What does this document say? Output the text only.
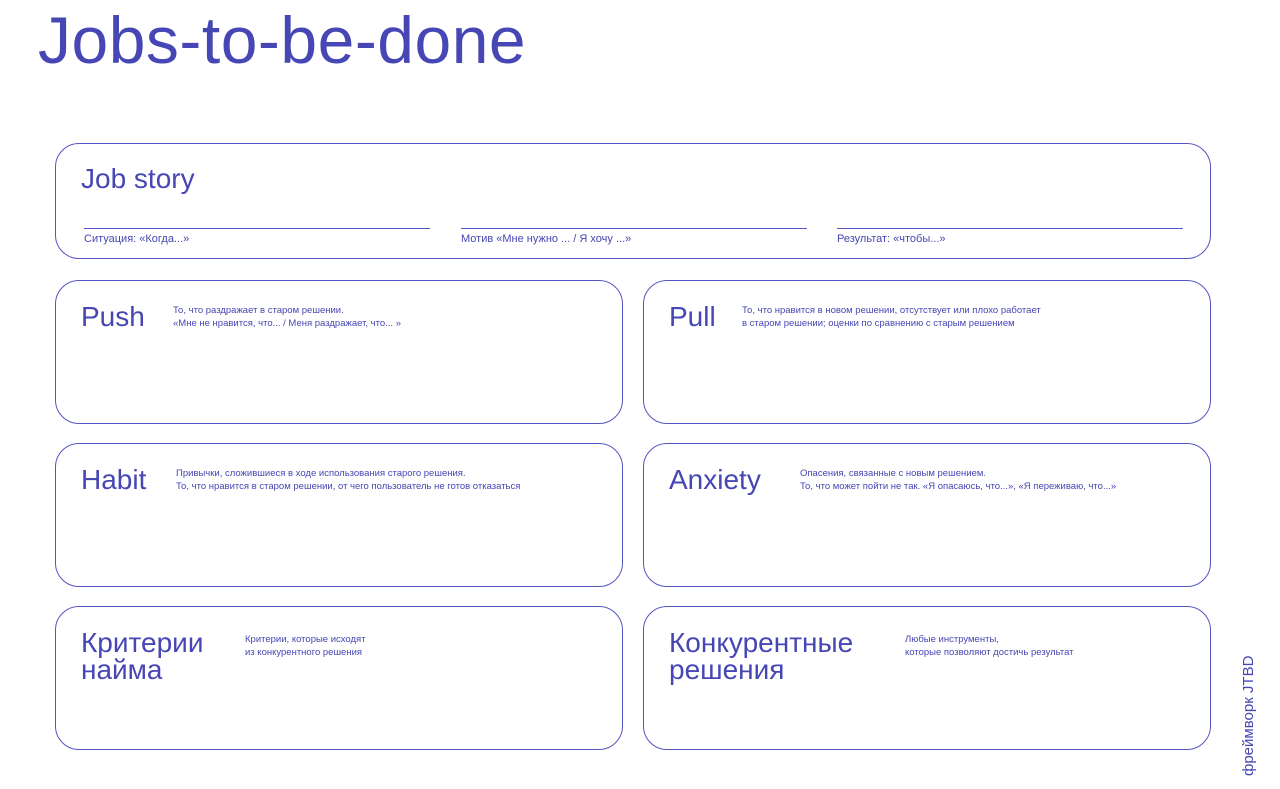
Jobs-to-be-done
Job story
Ситуация: «Когда...»	Мотив «Мне нужно ... / Я хочу ...»	Результат: «чтобы...»
Push	То, что раздражает в старом решении.
«Мне не нравится, что... / Меня раздражает, что... »	Pull	То, что нравится в новом решении, отсутствует или плохо работает
в старом решении; оценки по сравнению с старым решением
Habit	Привычки, сложившиеся в ходе использования старого решения.
То, что нравится в старом решении, от чего пользователь не готов отказаться	Anxiety	Опасения, связанные с новым решением.
То, что может пойти не так. «Я опасаюсь, что...», «Я переживаю, что...»
Критерии
найма
Критерии, которые исходят
из конкурентного решения	Конкурентные
решения
Любые инструменты,
которые позволяют достичь результат
фреймворк JTBD
